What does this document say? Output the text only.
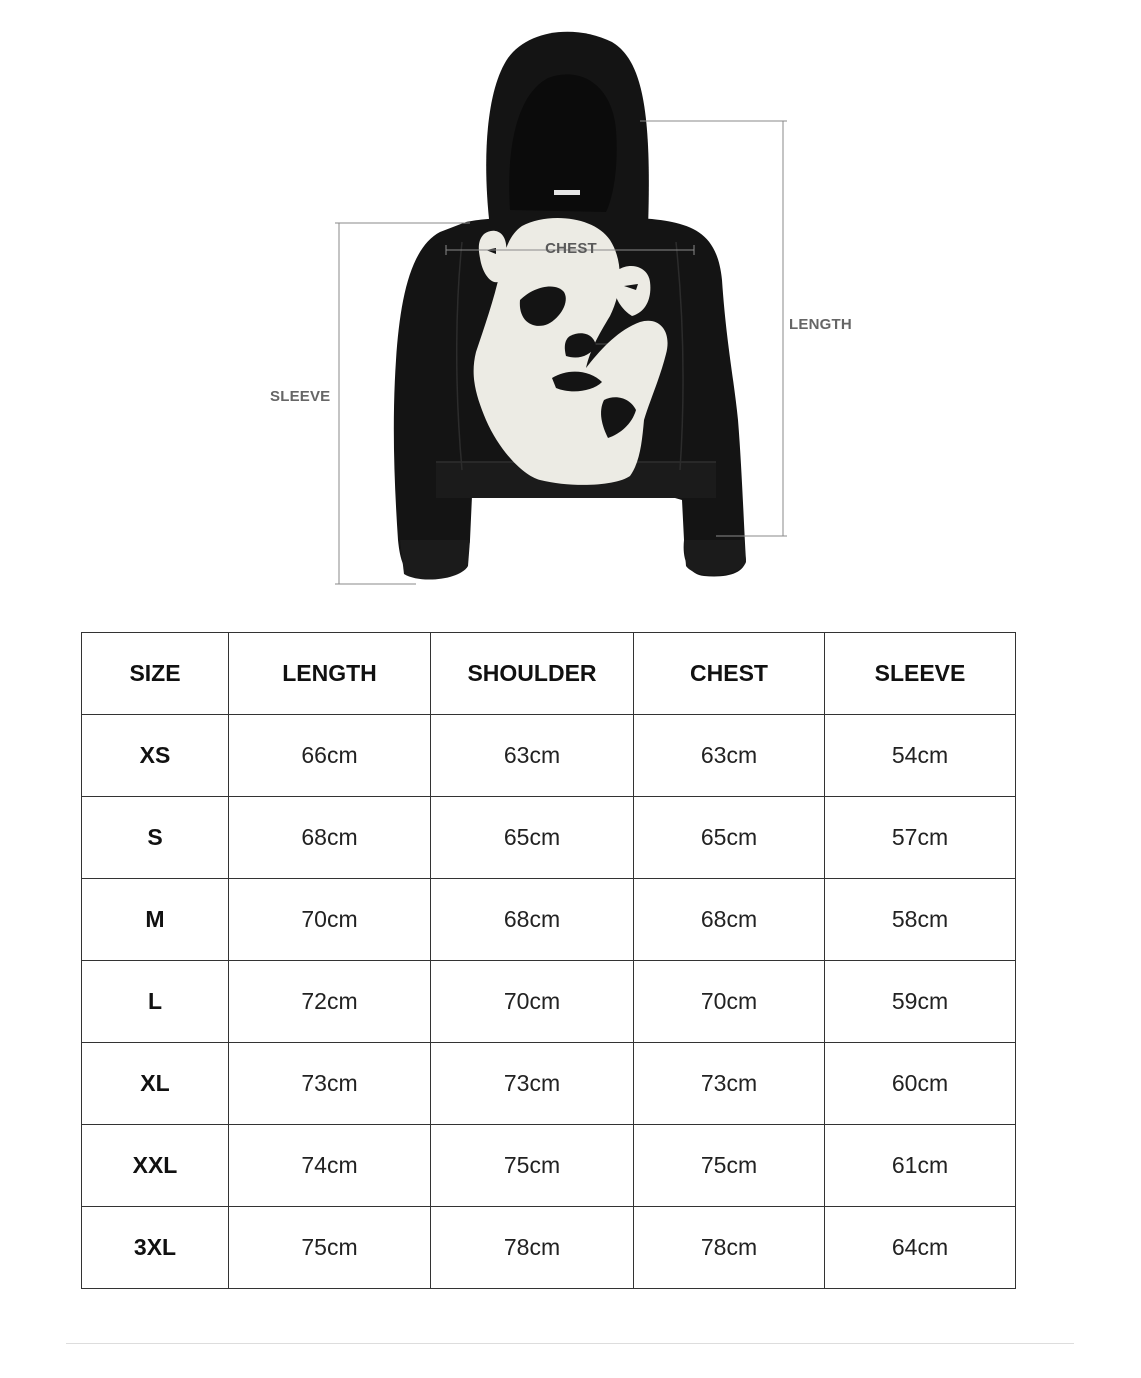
CHEST
LENGTH
SLEEVE
SIZE	LENGTH	SHOULDER	CHEST	SLEEVE
XS	66cm	63cm	63cm	54cm
S	68cm	65cm	65cm	57cm
M	70cm	68cm	68cm	58cm
L	72cm	70cm	70cm	59cm
XL	73cm	73cm	73cm	60cm
XXL	74cm	75cm	75cm	61cm
3XL	75cm	78cm	78cm	64cm
